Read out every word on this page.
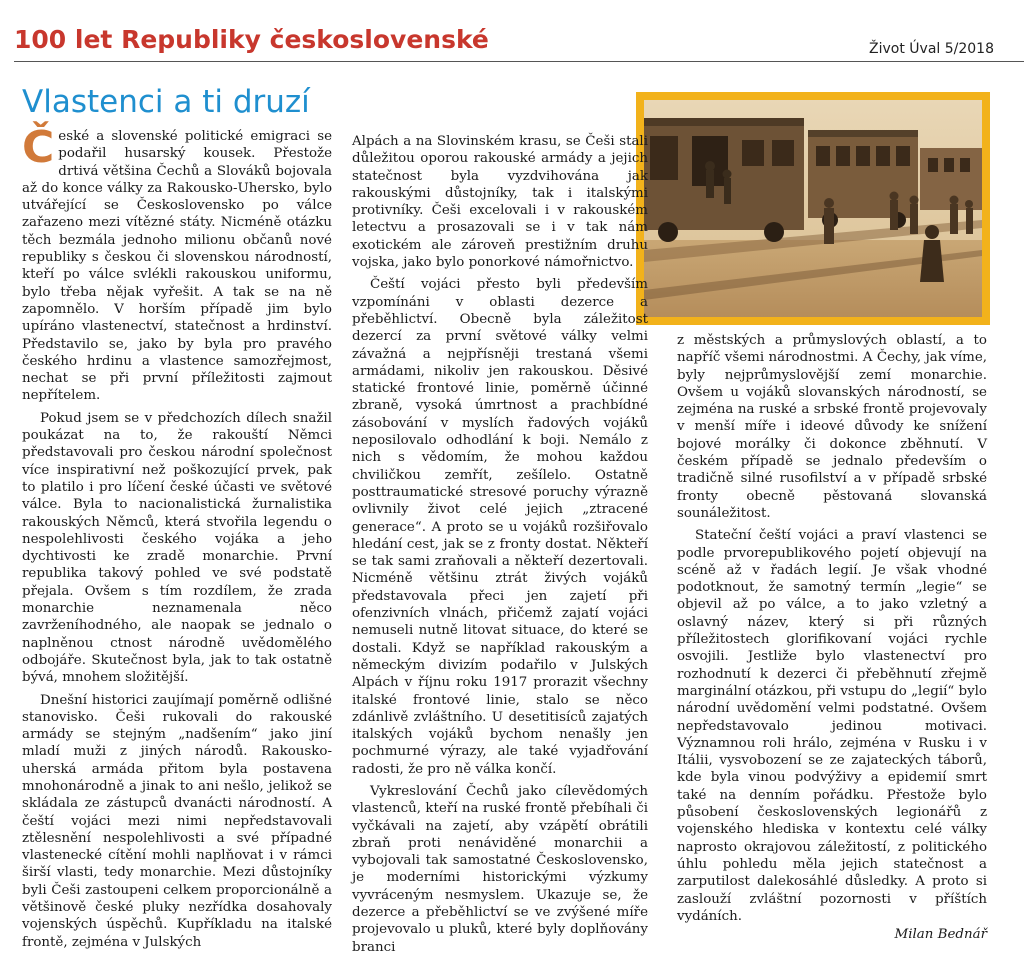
100 let Republiky československé	Život Úval 5/2018
Vlastenci a ti druzí

České a slovenské politické emigraci se podařil husarský kousek. Přestože drtivá většina Čechů a Slováků bojovala až do konce války za Rakousko-Uhersko, bylo utvářející se Československo po válce zařazeno mezi vítězné státy. Nicméně otázku těch bezmála jednoho milionu občanů nové republiky s českou či slovenskou národností, kteří po válce svlékli rakouskou uniformu, bylo třeba nějak vyřešit. A tak se na ně zapomnělo. V horším případě jim bylo upíráno vlastenectví, statečnost a hrdinství. Představilo se, jako by byla pro pravého českého hrdinu a vlastence samozřejmost, nechat se při první příležitosti zajmout nepřítelem.

Pokud jsem se v předchozích dílech snažil poukázat na to, že rakouští Němci představovali pro českou národní společnost více inspirativní než poškozující prvek, pak to platilo i pro líčení české účasti ve světové válce. Byla to nacionalistická žurnalistika rakouských Němců, která stvořila legendu o nespolehlivosti českého vojáka a jeho dychtivosti ke zradě monarchie. První republika takový pohled ve své podstatě přejala. Ovšem s tím rozdílem, že zrada monarchie neznamenala něco zavrženíhodného, ale naopak se jednalo o naplněnou ctnost národně uvědomělého odbojáře. Skutečnost byla, jak to tak ostatně bývá, mnohem složitější.

Dnešní historici zaujímají poměrně odlišné stanovisko. Češi rukovali do rakouské armády se stejným „nadšením“ jako jiní mladí muži z jiných národů. Rakousko-uherská armáda přitom byla postavena mnohonárodně a jinak to ani nešlo, jelikož se skládala ze zástupců dvanácti národností. A čeští vojáci mezi nimi nepředstavovali ztělesnění nespolehlivosti a své případné vlastenecké cítění mohli naplňovat i v rámci širší vlasti, tedy monarchie. Mezi důstojníky byli Češi zastoupeni celkem proporcionálně a většinově české pluky nezřídka dosahovaly vojenských úspěchů. Kupříkladu na italské frontě, zejména v Julských

Alpách a na Slovinském krasu, se Češi stali důležitou oporou rakouské armády a jejich statečnost byla vyzdvihována jak rakouskými důstojníky, tak i italskými protivníky. Češi excelovali i v rakouském letectvu a prosazovali se i v tak nám exotickém ale zároveň prestižním druhu vojska, jako bylo ponorkové námořnictvo.

Čeští vojáci přesto byli především vzpomínáni v oblasti dezerce a přeběhlictví. Obecně byla záležitost dezercí za první světové války velmi závažná a nejpřísněji trestaná všemi armádami, nikoliv jen rakouskou. Děsivé statické frontové linie, poměrně účinné zbraně, vysoká úmrtnost a prachbídné zásobování v myslích řadových vojáků neposilovalo odhodlání k boji. Nemálo z nich s vědomím, že mohou každou chviličkou zemřít, zešílelo. Ostatně posttraumatické stresové poruchy výrazně ovlivnily život celé jejich „ztracené generace“. A proto se u vojáků rozšiřovalo hledání cest, jak se z fronty dostat. Někteří se tak sami zraňovali a někteří dezertovali. Nicméně většinu ztrát živých vojáků představovala přeci jen zajetí při ofenzivních vlnách, přičemž zajatí vojáci nemuseli nutně litovat situace, do které se dostali. Když se například rakouským a německým divizím podařilo v Julských Alpách v říjnu roku 1917 prorazit všechny italské frontové linie, stalo se něco zdánlivě zvláštního. U desetitisíců zajatých italských vojáků bychom nenašly jen pochmurné výrazy, ale také vyjadřování radosti, že pro ně válka končí.

Vykreslování Čechů jako cílevědomých vlastenců, kteří na ruské frontě přebíhali či vyčkávali na zajetí, aby vzápětí obrátili zbraň proti nenáviděné monarchii a vybojovali tak samostatné Československo, je moderními historickými výzkumy vyvráceným nesmyslem. Ukazuje se, že dezerce a přeběhlictví se ve zvýšené míře projevovalo u pluků, které byly doplňovány branci

z městských a průmyslových oblastí, a to napříč všemi národnostmi. A Čechy, jak víme, byly nejprůmyslovější zemí monarchie. Ovšem u vojáků slovanských národností, se zejména na ruské a srbské frontě projevovaly v menší míře i ideové důvody ke snížení bojové morálky či dokonce zběhnutí. V českém případě se jednalo především o tradičně silné rusofilství a v případě srbské fronty obecně pěstovaná slovanská sounáležitost.

Stateční čeští vojáci a praví vlastenci se podle prvorepublikového pojetí objevují na scéně až v řadách legií. Je však vhodné podotknout, že samotný termín „legie“ se objevil až po válce, a to jako vzletný a oslavný název, který si při různých příležitostech glorifikovaní vojáci rychle osvojili. Jestliže bylo vlastenectví pro rozhodnutí k dezerci či přeběhnutí zřejmě marginální otázkou, při vstupu do „legií“ bylo národní uvědomění velmi podstatné. Ovšem nepředstavovalo jedinou motivaci. Významnou roli hrálo, zejména v Rusku i v Itálii, vysvobození se ze zajateckých táborů, kde byla vinou podvýživy a epidemií smrt také na denním pořádku. Přestože bylo působení československých legionářů z vojenského hlediska v kontextu celé války naprosto okrajovou záležitostí, z politického úhlu pohledu měla jejich statečnost a zarputilost dalekosáhlé důsledky. A proto si zaslouží zvláštní pozornosti v příštích vydáních.

Milan Bednář
